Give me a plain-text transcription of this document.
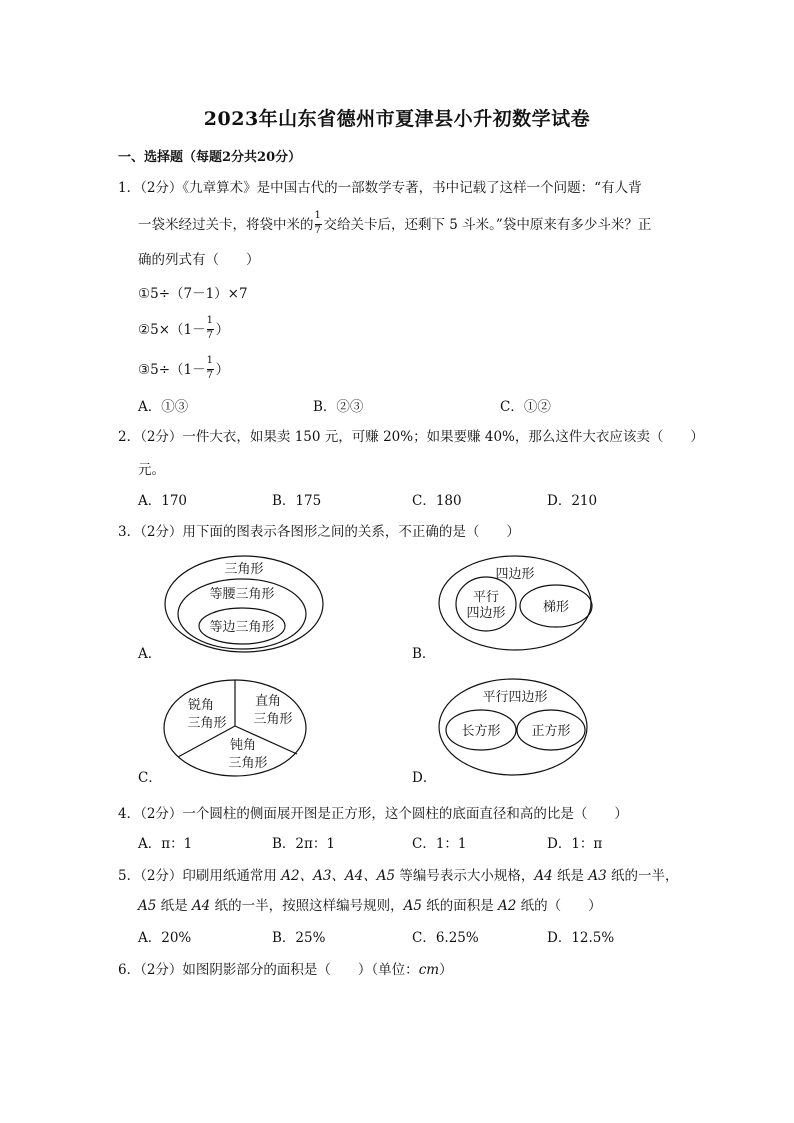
2023年山东省德州市夏津县小升初数学试卷
一、选择题（每题2分共20分）
1．（2分）《九章算术》是中国古代的一部数学专著，书中记载了这样一个问题：“有人背
一袋米经过关卡，将袋中米的 $\frac{1}{7}$ 交给关卡后，还剩下 5 斗米。”袋中原来有多少斗米？正
确的列式有（　　）
①5÷（7－1）×7
②5×（1－ $\frac{1}{7}$ ）
③5÷（1－ $\frac{1}{7}$ ）
A．①③	B．②③	C．①②
2．（2分）一件大衣，如果卖 150 元，可赚 20%；如果要赚 40%，那么这件大衣应该卖（　　）
元。
A．170	B．175	C．180	D．210
3．（2分）用下面的图表示各图形之间的关系，不正确的是（　　）
三角形
等腰三角形
等边三角形
四边形
平行
四边形	梯形
锐角
三角形
直角
三角形
钝角
三角形
平行四边形
长方形 正方形
A．	B．
C．	D．
4．（2分）一个圆柱的侧面展开图是正方形，这个圆柱的底面直径和高的比是（　　）
A．π：1	B．2π：1	C．1：1	D．1：π
5．（2分）印刷用纸通常用 A2、A3、A4、A5 等编号表示大小规格，A4 纸是 A3 纸的一半，
A5 纸是 A4 纸的一半，按照这样编号规则，A5 纸的面积是 A2 纸的（　　）
A．20%	B．25%	C．6.25%	D．12.5%
6．（2分）如图阴影部分的面积是（　　）（单位：cm）
